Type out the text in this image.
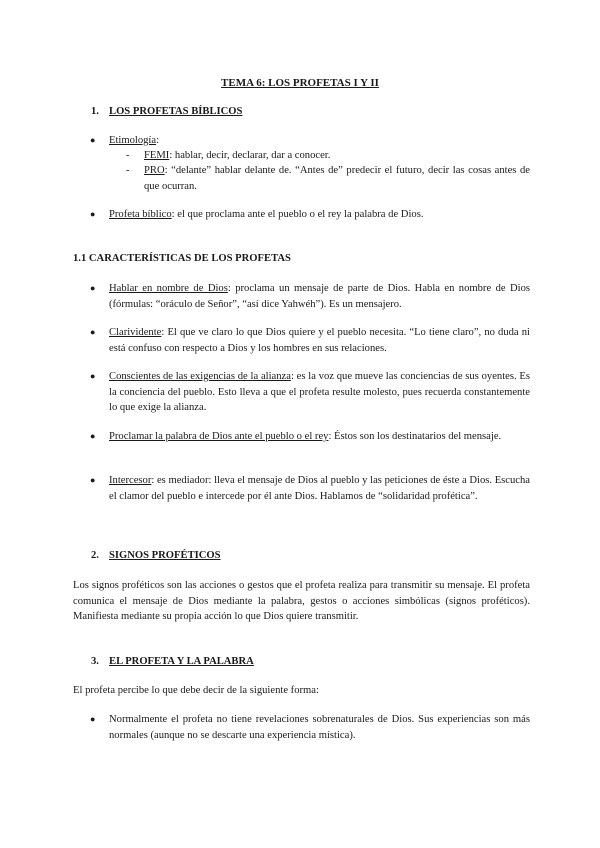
TEMA 6: LOS PROFETAS I Y II
1. LOS PROFETAS BÍBLICOS
● Etimología:
- FEMI: hablar, decir, declarar, dar a conocer.
- PRO: “delante” hablar delante de. “Antes de” predecir el futuro, decir las cosas antes de que ocurran.
● Profeta bíblico: el que proclama ante el pueblo o el rey la palabra de Dios.
1.1 CARACTERÍSTICAS DE LOS PROFETAS
● Hablar en nombre de Dios: proclama un mensaje de parte de Dios. Habla en nombre de Dios (fórmulas: “oráculo de Señor”, “así dice Yahwéh”). Es un mensajero.
● Clarividente: El que ve claro lo que Dios quiere y el pueblo necesita. “Lo tiene claro”, no duda ni está confuso con respecto a Dios y los hombres en sus relaciones.
● Conscientes de las exigencias de la alianza: es la voz que mueve las conciencias de sus oyentes. Es la conciencia del pueblo. Esto lleva a que el profeta resulte molesto, pues recuerda constantemente lo que exige la alianza.
● Proclamar la palabra de Dios ante el pueblo o el rey: Éstos son los destinatarios del mensaje.
● Intercesor: es mediador: lleva el mensaje de Dios al pueblo y las peticiones de éste a Dios. Escucha el clamor del pueblo e intercede por él ante Dios. Hablamos de “solidaridad profética”.
2. SIGNOS PROFÉTICOS
Los signos proféticos son las acciones o gestos que el profeta realiza para transmitir su mensaje. El profeta comunica el mensaje de Dios mediante la palabra, gestos o acciones simbólicas (signos proféticos). Manifiesta mediante su propia acción lo que Dios quiere transmitir.
3. EL PROFETA Y LA PALABRA
El profeta percibe lo que debe decir de la siguiente forma:
● Normalmente el profeta no tiene revelaciones sobrenaturales de Dios. Sus experiencias son más normales (aunque no se descarte una experiencia mística).
